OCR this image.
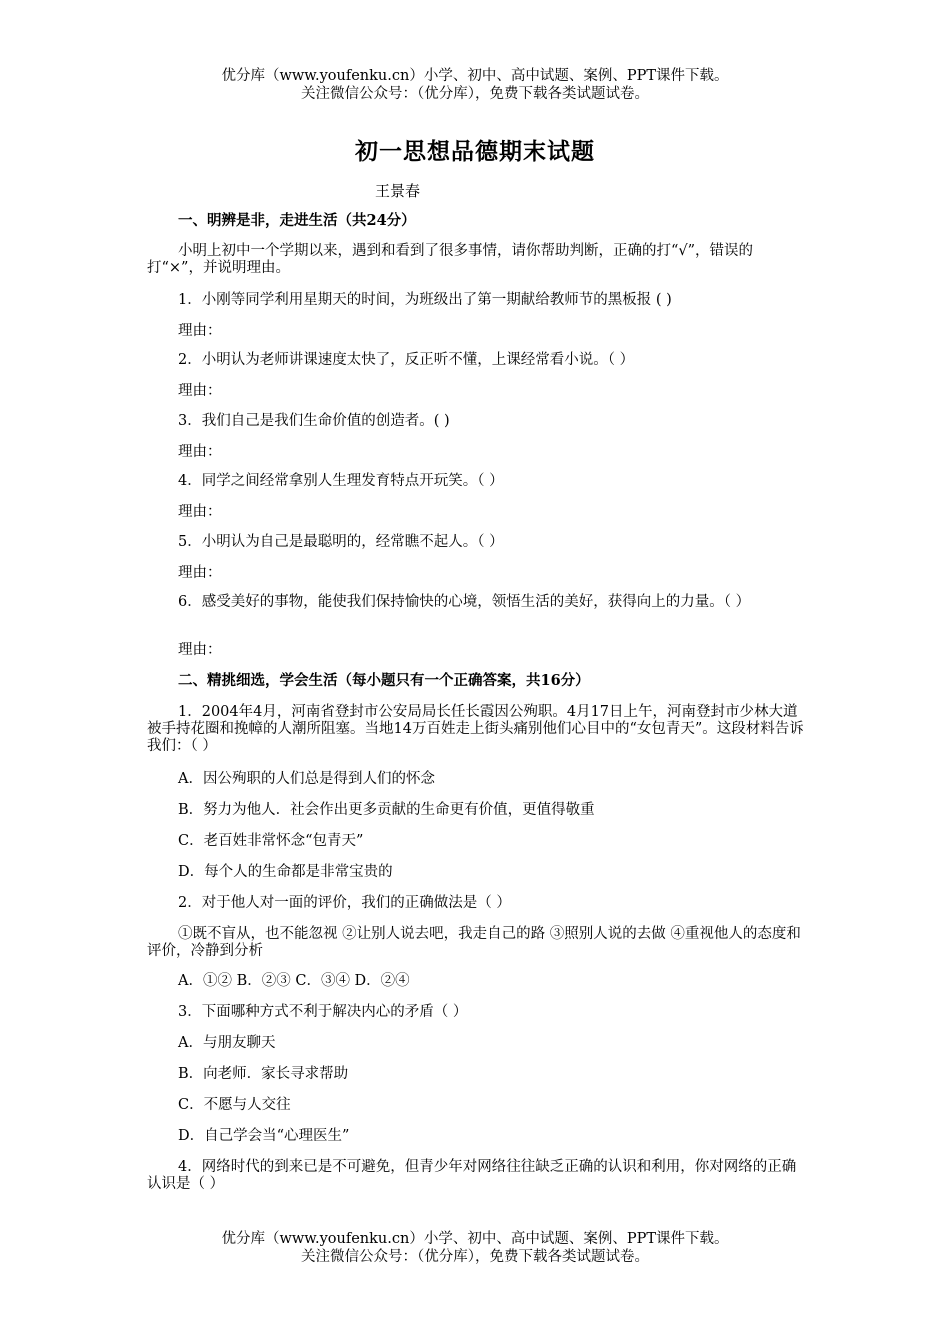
优分库（www.youfenku.cn）小学、初中、高中试题、案例、PPT课件下载。
关注微信公众号：（优分库），免费下载各类试题试卷。
初一思想品德期末试题
王景春
一、明辨是非，走进生活（共24分）
小明上初中一个学期以来，遇到和看到了很多事情，请你帮助判断，正确的打“√”，错误的打“×”，并说明理由。
1．小刚等同学利用星期天的时间，为班级出了第一期献给教师节的黑板报 ( )
理由：
2．小明认为老师讲课速度太快了，反正听不懂，上课经常看小说。（ ）
理由：
3．我们自己是我们生命价值的创造者。( )
理由：
4．同学之间经常拿别人生理发育特点开玩笑。（ ）
理由：
5．小明认为自己是最聪明的，经常瞧不起人。（ ）
理由：
6．感受美好的事物，能使我们保持愉快的心境，领悟生活的美好，获得向上的力量。（ ）
理由：
二、精挑细选，学会生活（每小题只有一个正确答案，共16分）
1．2004年4月，河南省登封市公安局局长任长霞因公殉职。4月17日上午，河南登封市少林大道被手持花圈和挽幛的人潮所阻塞。当地14万百姓走上街头痛别他们心目中的“女包青天”。这段材料告诉我们：（ ）
A．因公殉职的人们总是得到人们的怀念
B．努力为他人．社会作出更多贡献的生命更有价值，更值得敬重
C．老百姓非常怀念“包青天”
D．每个人的生命都是非常宝贵的
2．对于他人对一面的评价，我们的正确做法是（ ）
①既不盲从，也不能忽视 ②让别人说去吧，我走自己的路 ③照别人说的去做 ④重视他人的态度和评价，冷静到分析
A．①② B．②③ C．③④ D．②④
3．下面哪种方式不利于解决内心的矛盾（ ）
A．与朋友聊天
B．向老师．家长寻求帮助
C．不愿与人交往
D．自己学会当“心理医生”
4．网络时代的到来已是不可避免，但青少年对网络往往缺乏正确的认识和利用，你对网络的正确认识是（ ）
优分库（www.youfenku.cn）小学、初中、高中试题、案例、PPT课件下载。
关注微信公众号：（优分库），免费下载各类试题试卷。
